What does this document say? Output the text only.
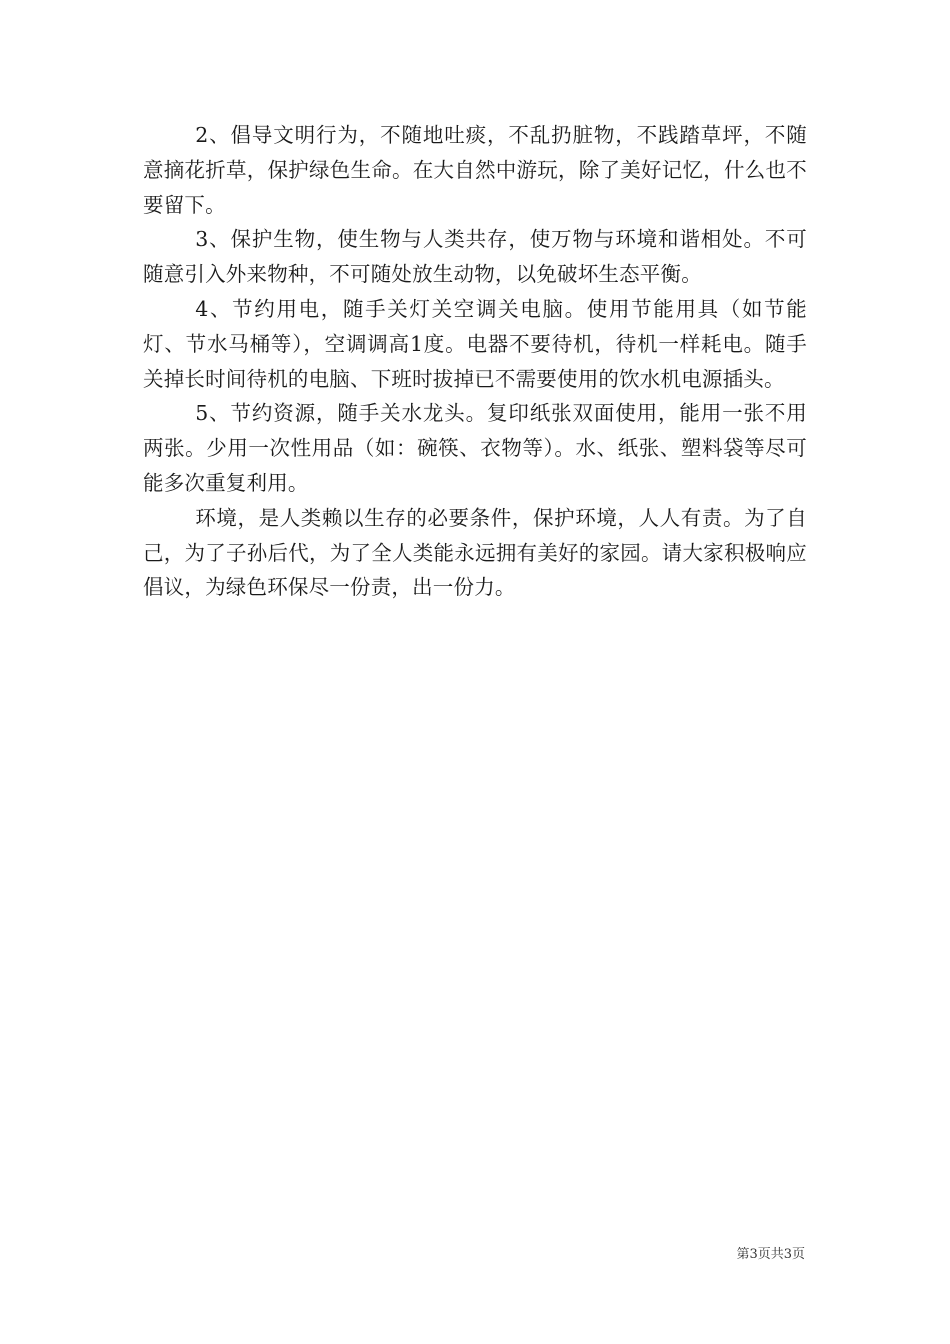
2、倡导文明行为，不随地吐痰，不乱扔脏物，不践踏草坪，不随意摘花折草，保护绿色生命。在大自然中游玩，除了美好记忆，什么也不要留下。

3、保护生物，使生物与人类共存，使万物与环境和谐相处。不可随意引入外来物种，不可随处放生动物，以免破坏生态平衡。

4、节约用电，随手关灯关空调关电脑。使用节能用具（如节能灯、节水马桶等），空调调高1度。电器不要待机，待机一样耗电。随手关掉长时间待机的电脑、下班时拔掉已不需要使用的饮水机电源插头。

5、节约资源，随手关水龙头。复印纸张双面使用，能用一张不用两张。少用一次性用品（如：碗筷、衣物等）。水、纸张、塑料袋等尽可能多次重复利用。

环境，是人类赖以生存的必要条件，保护环境，人人有责。为了自己，为了子孙后代，为了全人类能永远拥有美好的家园。请大家积极响应倡议，为绿色环保尽一份责，出一份力。

第3页共3页
